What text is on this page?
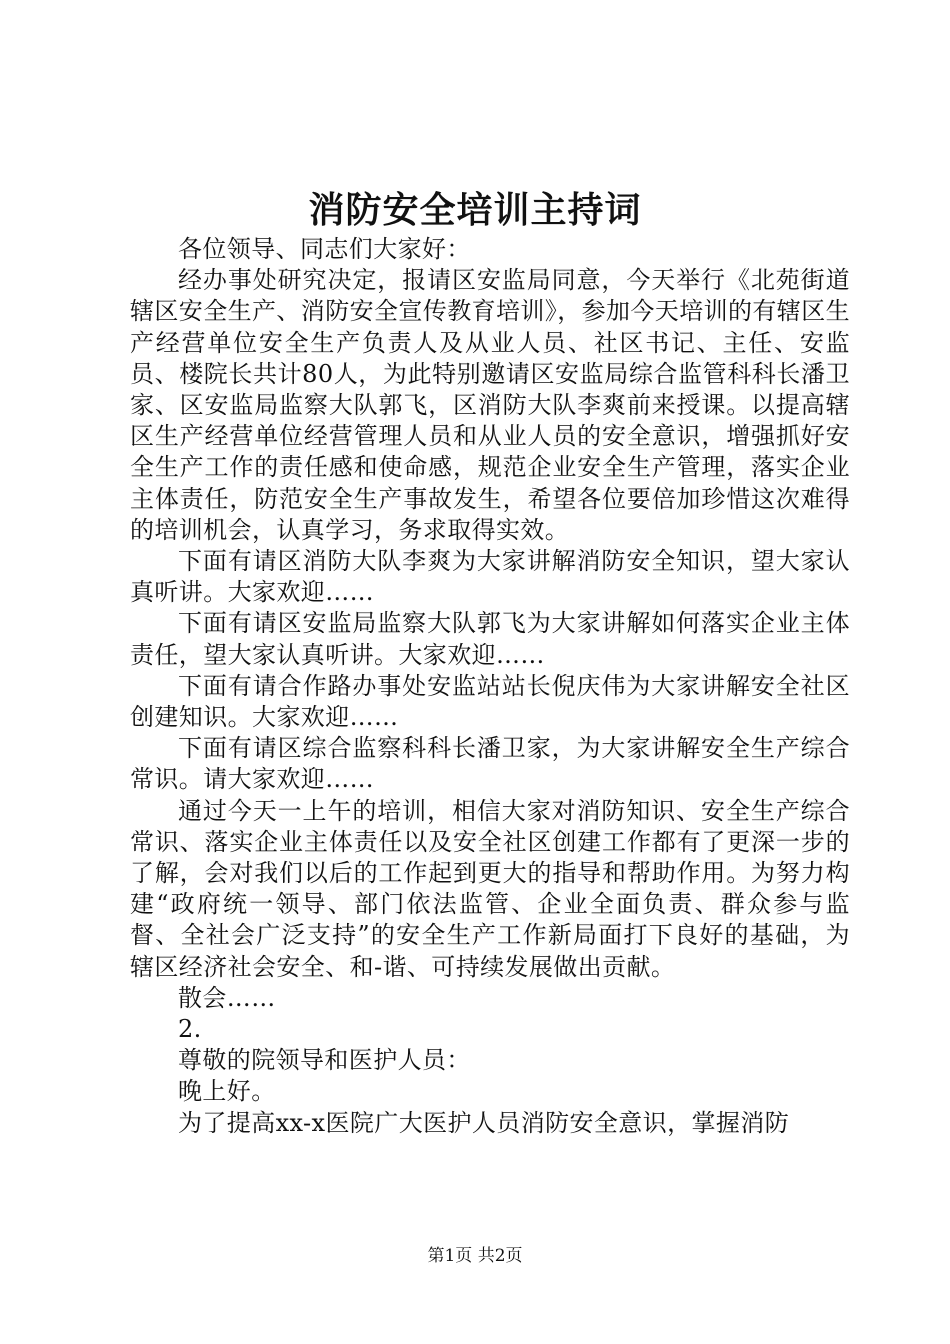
消防安全培训主持词

各位领导、同志们大家好：

经办事处研究决定，报请区安监局同意，今天举行《北苑街道辖区安全生产、消防安全宣传教育培训》，参加今天培训的有辖区生产经营单位安全生产负责人及从业人员、社区书记、主任、安监员、楼院长共计80人，为此特别邀请区安监局综合监管科科长潘卫家、区安监局监察大队郭飞，区消防大队李爽前来授课。以提高辖区生产经营单位经营管理人员和从业人员的安全意识，增强抓好安全生产工作的责任感和使命感，规范企业安全生产管理，落实企业主体责任，防范安全生产事故发生，希望各位要倍加珍惜这次难得的培训机会，认真学习，务求取得实效。

下面有请区消防大队李爽为大家讲解消防安全知识，望大家认真听讲。大家欢迎……

下面有请区安监局监察大队郭飞为大家讲解如何落实企业主体责任，望大家认真听讲。大家欢迎……

下面有请合作路办事处安监站站长倪庆伟为大家讲解安全社区创建知识。大家欢迎……

下面有请区综合监察科科长潘卫家，为大家讲解安全生产综合常识。请大家欢迎……

通过今天一上午的培训，相信大家对消防知识、安全生产综合常识、落实企业主体责任以及安全社区创建工作都有了更深一步的了解，会对我们以后的工作起到更大的指导和帮助作用。为努力构建“政府统一领导、部门依法监管、企业全面负责、群众参与监督、全社会广泛支持”的安全生产工作新局面打下良好的基础，为辖区经济社会安全、和-谐、可持续发展做出贡献。

散会……

2.

尊敬的院领导和医护人员：

晚上好。

为了提高xx-x医院广大医护人员消防安全意识，掌握消防

第1页 共2页
